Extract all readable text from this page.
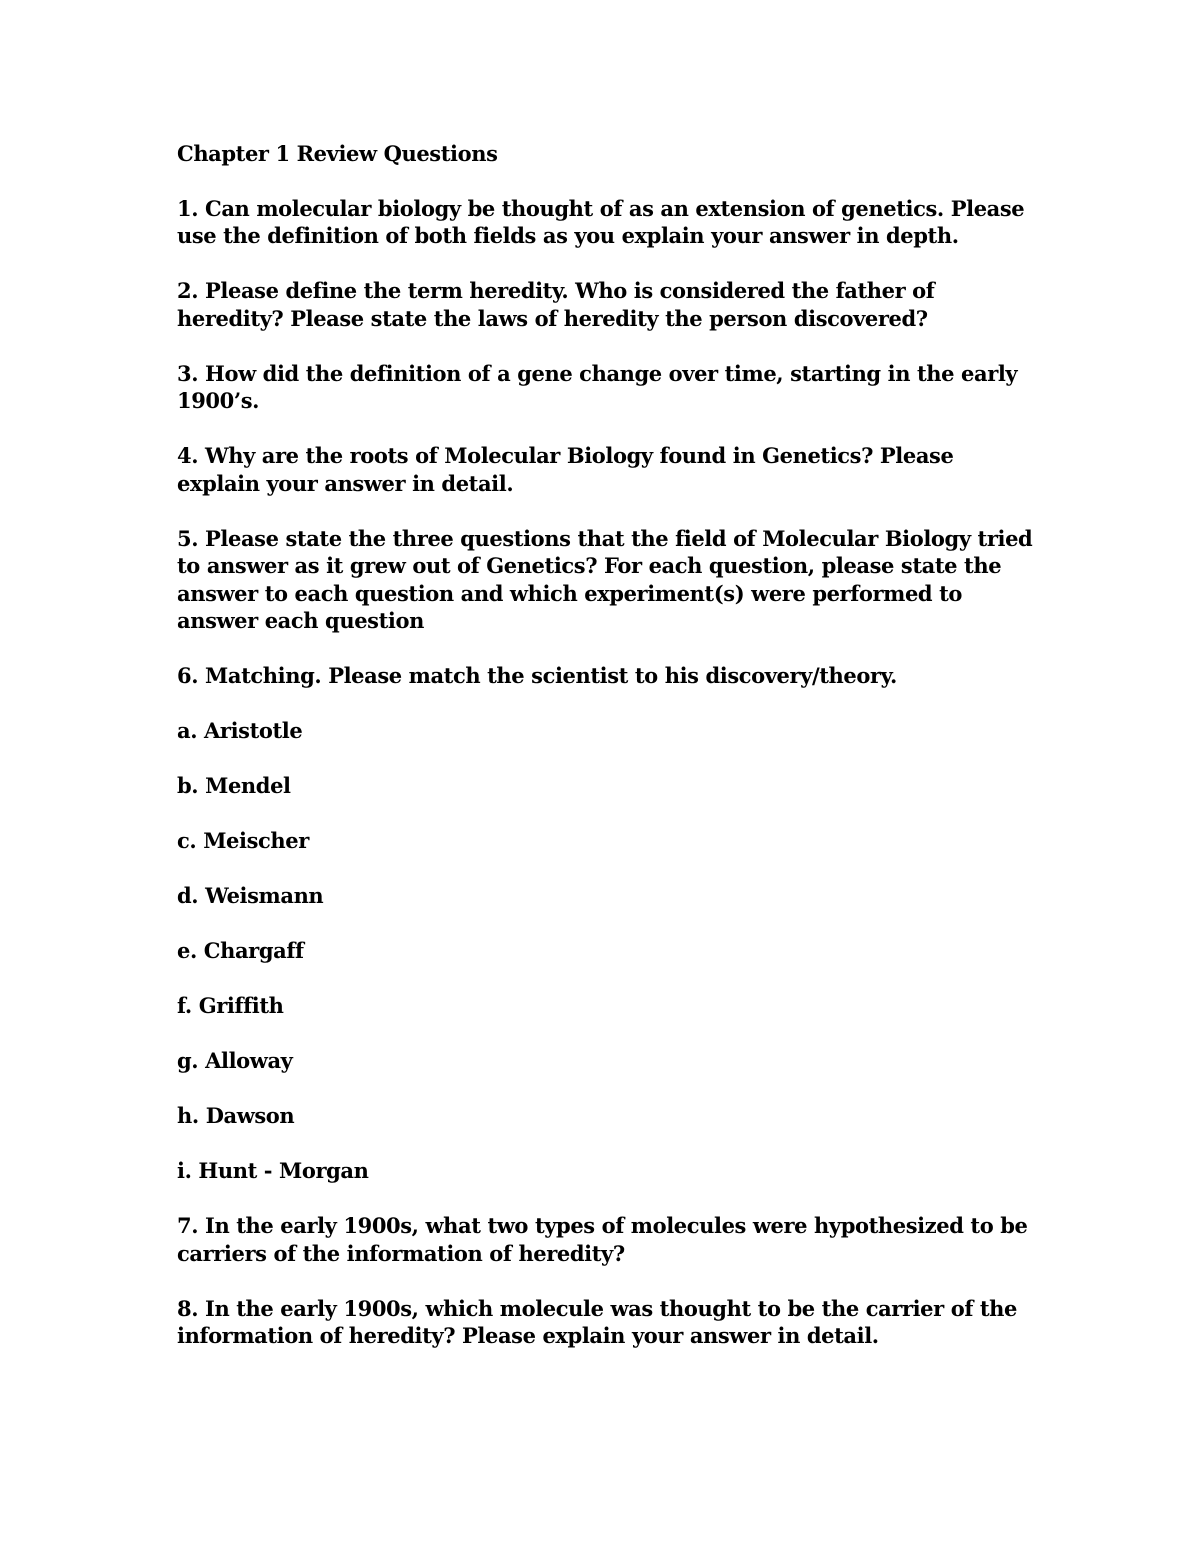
Chapter 1 Review Questions
1. Can molecular biology be thought of as an extension of genetics. Please use the definition of both fields as you explain your answer in depth.
2. Please define the term heredity. Who is considered the father of heredity? Please state the laws of heredity the person discovered?
3. How did the definition of a gene change over time, starting in the early 1900’s.
4. Why are the roots of Molecular Biology found in Genetics? Please explain your answer in detail.
5. Please state the three questions that the field of Molecular Biology tried to answer as it grew out of Genetics? For each question, please state the answer to each question and which experiment(s) were performed to answer each question
6. Matching. Please match the scientist to his discovery/theory.
a. Aristotle
b. Mendel
c. Meischer
d. Weismann
e. Chargaff
f. Griffith
g. Alloway
h. Dawson
i. Hunt - Morgan
7. In the early 1900s, what two types of molecules were hypothesized to be carriers of the information of heredity?
8. In the early 1900s, which molecule was thought to be the carrier of the information of heredity? Please explain your answer in detail.
